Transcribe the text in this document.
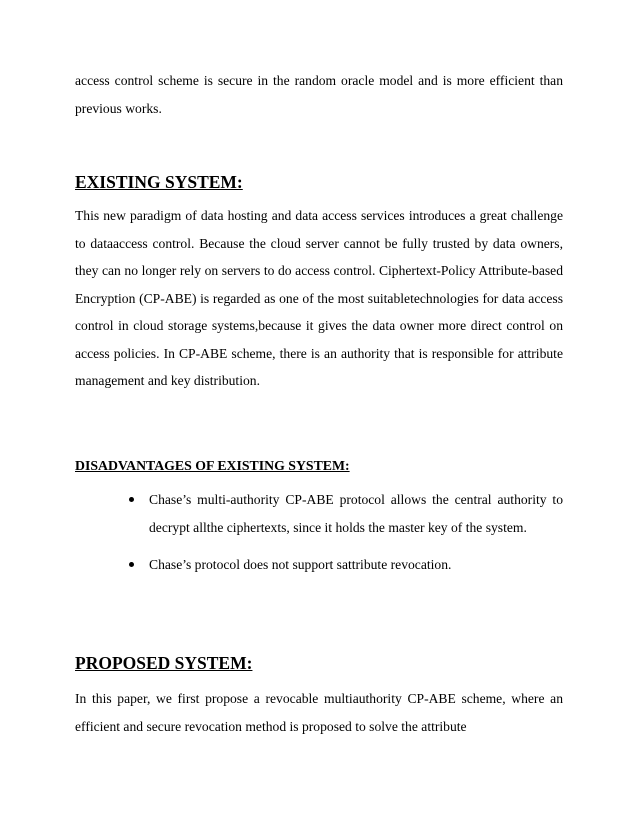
access control scheme is secure in the random oracle model and is more efficient than previous works.

EXISTING SYSTEM:

This new paradigm of data hosting and data access services introduces a great challenge to dataaccess control. Because the cloud server cannot be fully trusted by data owners, they can no longer rely on servers to do access control. Ciphertext-Policy Attribute-based Encryption (CP-ABE) is regarded as one of the most suitabletechnologies for data access control in cloud storage systems,because it gives the data owner more direct control on access policies. In CP-ABE scheme, there is an authority that is responsible for attribute management and key distribution.

DISADVANTAGES OF EXISTING SYSTEM:

Chase’s multi-authority CP-ABE protocol allows the central authority to decrypt allthe ciphertexts, since it holds the master key of the system.

Chase’s protocol does not support sattribute revocation.

PROPOSED SYSTEM:

In this paper, we first propose a revocable multiauthority CP-ABE scheme, where an efficient and secure revocation method is proposed to solve the attribute
